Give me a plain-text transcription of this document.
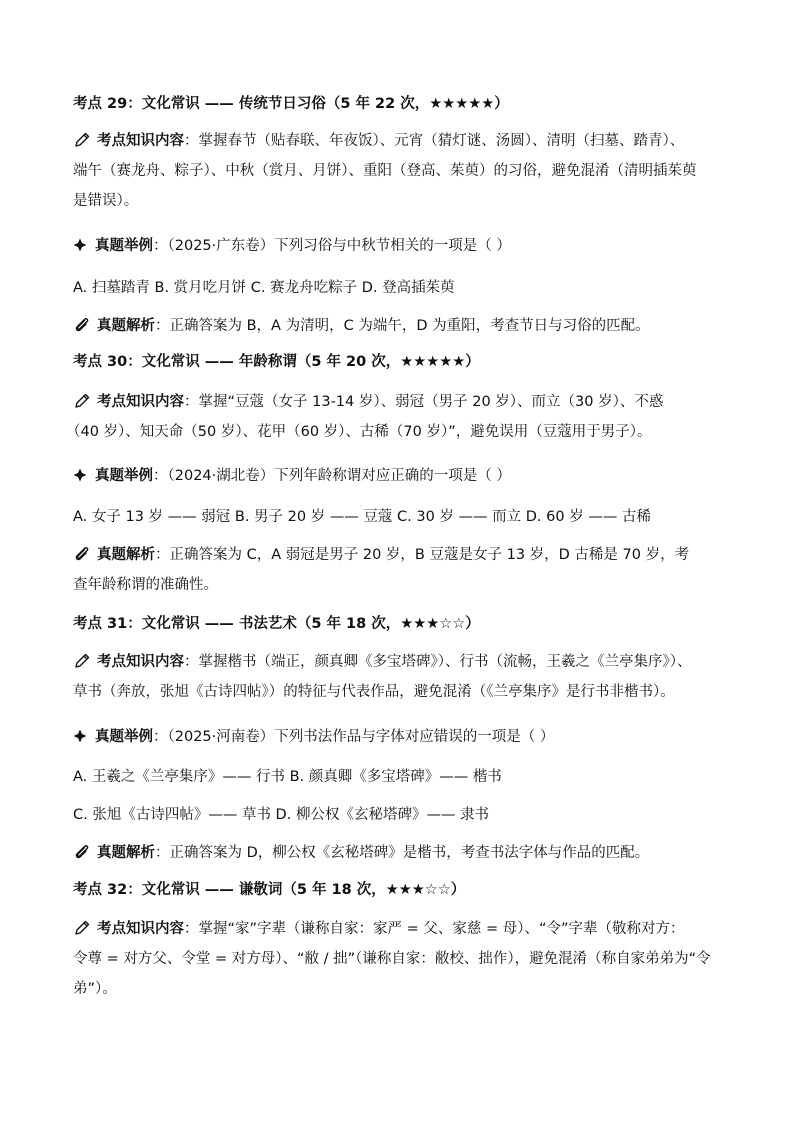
考点 29：文化常识 —— 传统节日习俗（5 年 22 次，★★★★★）
考点知识内容：掌握春节（贴春联、年夜饭）、元宵（猜灯谜、汤圆）、清明（扫墓、踏青）、
端午（赛龙舟、粽子）、中秋（赏月、月饼）、重阳（登高、茱萸）的习俗，避免混淆（清明插茱萸
是错误）。
真题举例：（2025·广东卷）下列习俗与中秋节相关的一项是（ ）
A. 扫墓踏青 B. 赏月吃月饼 C. 赛龙舟吃粽子 D. 登高插茱萸
真题解析：正确答案为 B，A 为清明，C 为端午，D 为重阳，考查节日与习俗的匹配。
考点 30：文化常识 —— 年龄称谓（5 年 20 次，★★★★★）
考点知识内容：掌握“豆蔻（女子 13-14 岁）、弱冠（男子 20 岁）、而立（30 岁）、不惑
（40 岁）、知天命（50 岁）、花甲（60 岁）、古稀（70 岁）”，避免误用（豆蔻用于男子）。
真题举例：（2024·湖北卷）下列年龄称谓对应正确的一项是（ ）
A. 女子 13 岁 —— 弱冠 B. 男子 20 岁 —— 豆蔻 C. 30 岁 —— 而立 D. 60 岁 —— 古稀
真题解析：正确答案为 C，A 弱冠是男子 20 岁，B 豆蔻是女子 13 岁，D 古稀是 70 岁，考
查年龄称谓的准确性。
考点 31：文化常识 —— 书法艺术（5 年 18 次，★★★☆☆）
考点知识内容：掌握楷书（端正，颜真卿《多宝塔碑》）、行书（流畅，王羲之《兰亭集序》）、
草书（奔放，张旭《古诗四帖》）的特征与代表作品，避免混淆（《兰亭集序》是行书非楷书）。
真题举例：（2025·河南卷）下列书法作品与字体对应错误的一项是（ ）
A. 王羲之《兰亭集序》—— 行书 B. 颜真卿《多宝塔碑》—— 楷书
C. 张旭《古诗四帖》—— 草书 D. 柳公权《玄秘塔碑》—— 隶书
真题解析：正确答案为 D，柳公权《玄秘塔碑》是楷书，考查书法字体与作品的匹配。
考点 32：文化常识 —— 谦敬词（5 年 18 次，★★★☆☆）
考点知识内容：掌握“家”字辈（谦称自家：家严 = 父、家慈 = 母）、“令”字辈（敬称对方：
令尊 = 对方父、令堂 = 对方母）、“敝 / 拙”（谦称自家：敝校、拙作），避免混淆（称自家弟弟为“令
弟”）。
